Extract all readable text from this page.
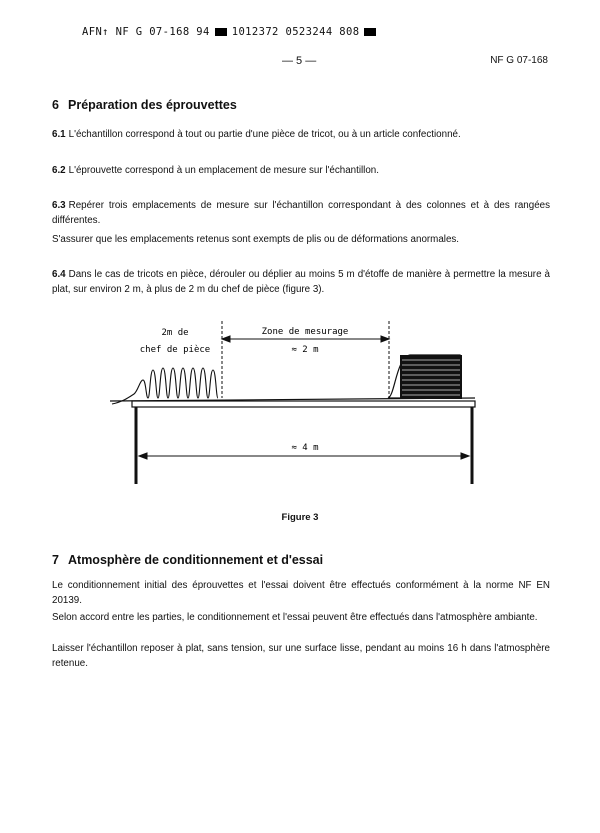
AFN↑ NF G 07-168 94 1012372 0523244 808
— 5 —	NF G 07-168
6 Préparation des éprouvettes

6.1 L'échantillon correspond à tout ou partie d'une pièce de tricot, ou à un article confectionné.

6.2 L'éprouvette correspond à un emplacement de mesure sur l'échantillon.

6.3 Repérer trois emplacements de mesure sur l'échantillon correspondant à des colonnes et à des rangées différentes.

S'assurer que les emplacements retenus sont exempts de plis ou de déformations anormales.

6.4 Dans le cas de tricots en pièce, dérouler ou déplier au moins 5 m d'étoffe de manière à permettre la mesure à plat, sur environ 2 m, à plus de 2 m du chef de pièce (figure 3).

2m de
chef de pièce
Zone de mesurage
≈ 2 m
≈ 4 m
Figure 3
7 Atmosphère de conditionnement et d'essai

Le conditionnement initial des éprouvettes et l'essai doivent être effectués conformément à la norme NF EN 20139.

Selon accord entre les parties, le conditionnement et l'essai peuvent être effectués dans l'atmosphère ambiante.

Laisser l'échantillon reposer à plat, sans tension, sur une surface lisse, pendant au moins 16 h dans l'atmosphère retenue.
